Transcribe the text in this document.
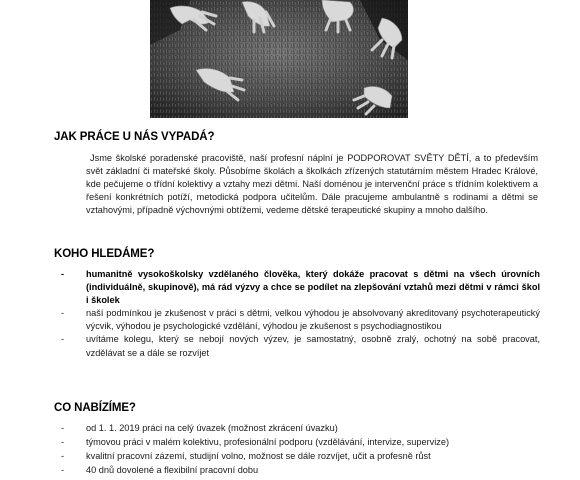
JAK PRÁCE U NÁS VYPADÁ?

Jsme školské poradenské pracoviště, naší profesní náplní je PODPOROVAT SVĚTY DĚTÍ, a to především svět základní či mateřské školy. Působíme školách a školkách zřízených statutárním městem Hradec Králové, kde pečujeme o třídní kolektivy a vztahy mezi dětmi. Naší doménou je intervenční práce s třídním kolektivem a řešení konkrétních potíží, metodická podpora učitelům. Dále pracujeme ambulantně s rodinami a dětmi se vztahovými, případně výchovnými obtížemi, vedeme dětské terapeutické skupiny a mnoho dalšího.

KOHO HLEDÁME?
- humanitně vysokoškolsky vzdělaného člověka, který dokáže pracovat s dětmi na všech úrovních (individuálně, skupinově), má rád výzvy a chce se podílet na zlepšování vztahů mezi dětmi v rámci škol i školek
- naší podmínkou je zkušenost v práci s dětmi, velkou výhodou je absolvovaný akreditovaný psychoterapeutický výcvik, výhodou je psychologické vzdělání, výhodou je zkušenost s psychodiagnostikou
- uvítáme kolegu, který se nebojí nových výzev, je samostatný, osobně zralý, ochotný na sobě pracovat, vzdělávat se a dále se rozvíjet
CO NABÍZÍME?
- od 1. 1. 2019 práci na celý úvazek (možnost zkrácení úvazku)
- týmovou práci v malém kolektivu, profesionální podporu (vzdělávání, intervize, supervize)
- kvalitní pracovní zázemí, studijní volno, možnost se dále rozvíjet, učit a profesně růst
- 40 dnů dovolené a flexibilní pracovní dobu
